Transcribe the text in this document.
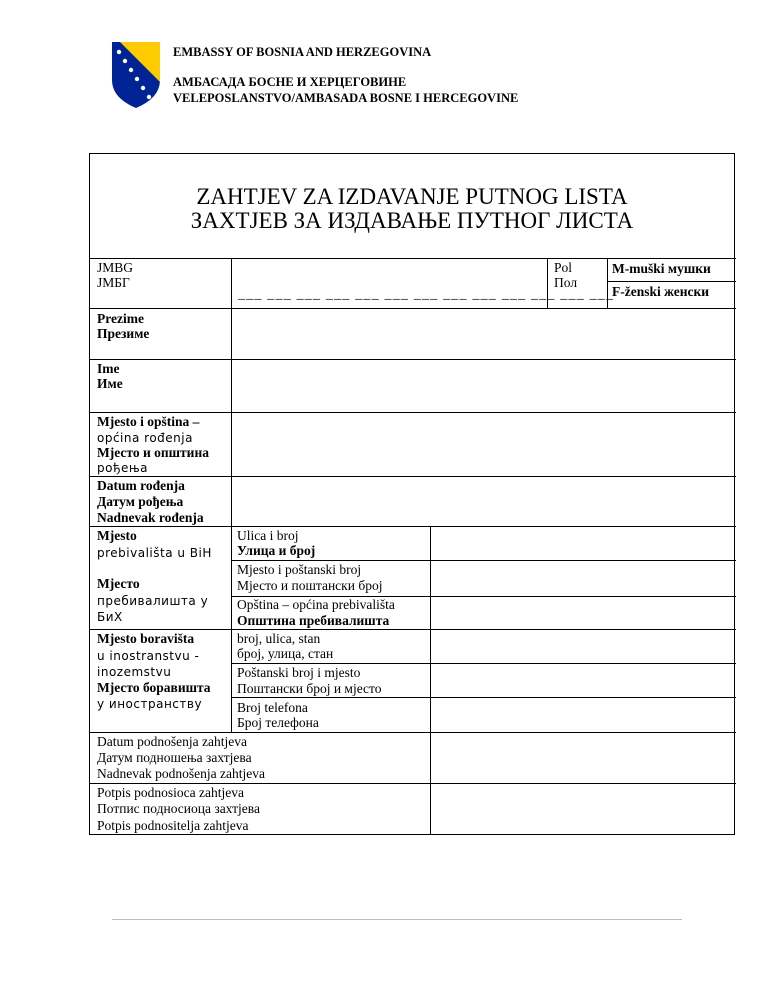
EMBASSY OF BOSNIA AND HERZEGOVINA
АМБАСАДА БОСНЕ И ХЕРЦЕГОВИНЕ
VELEPOSLANSTVO/AMBASADA BOSNE I HERCEGOVINE
ZAHTJEV ZA IZDAVANJE PUTNOG LISTA
ЗАХТЈЕВ ЗА ИЗДАВАЊЕ ПУТНОГ ЛИСТА
JMBG
ЈМБГ
___ ___ ___ ___ ___ ___ ___ ___ ___ ___ ___ ___ ___
Pol
Пол
M-muški мушки
F-ženski женски
Prezime
Презиме
Ime
Име
Mjesto i opština –
općina rođenja
Мјесто и општина
рођења
Datum rođenja
Датум рођења
Nadnevak rođenja
Mjesto
prebivališta u BiH
Мјесто
пребивалишта у
БиХ
Ulica i broj
Улица и број
Mjesto i poštanski broj
Мјесто и поштански број
Opština – općina prebivališta
Општина пребивалишта
Mjesto boravišta
u inostranstvu -
inozemstvu
Мјесто боравишта
у иностранству
broj, ulica, stan
број, улица, стан
Poštanski broj i mjesto
Поштански број и мјесто
Broj telefona
Број телефона
Datum podnošenja zahtjeva
Датум подношења захтјева
Nadnevak podnošenja zahtjeva
Potpis podnosioca zahtjeva
Потпис подносиоца захтјева
Potpis podnositelja zahtjeva
